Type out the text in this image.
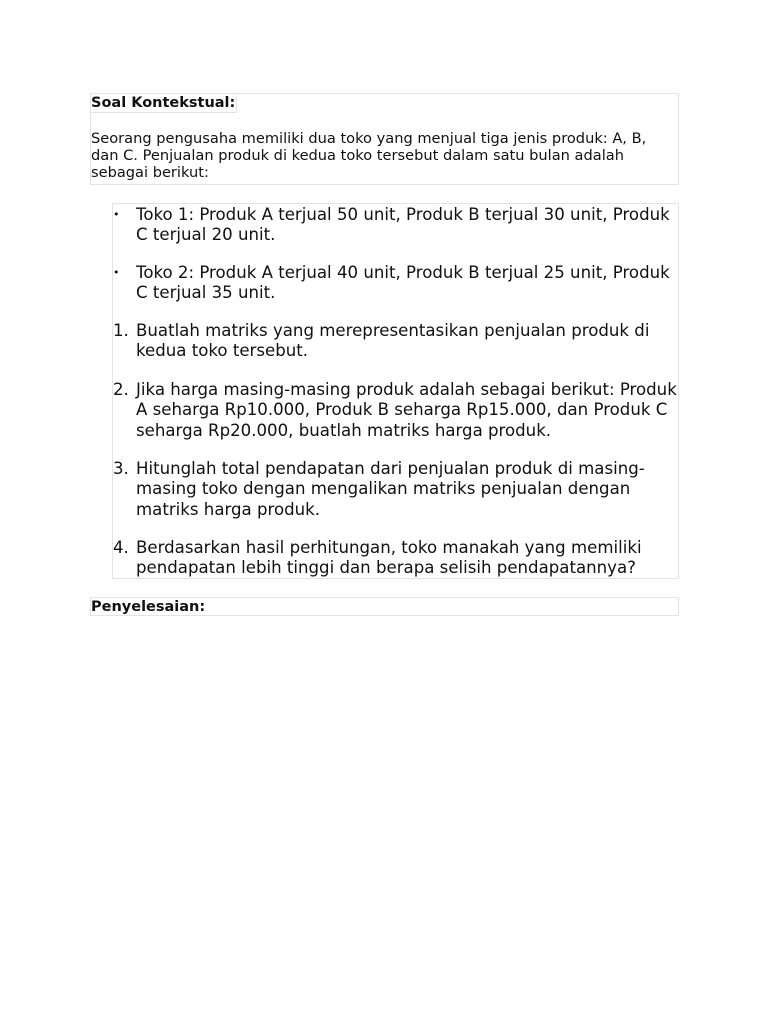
Soal Kontekstual:
Seorang pengusaha memiliki dua toko yang menjual tiga jenis produk: A, B, dan C. Penjualan produk di kedua toko tersebut dalam satu bulan adalah sebagai berikut:
• Toko 1: Produk A terjual 50 unit, Produk B terjual 30 unit, Produk C terjual 20 unit.
• Toko 2: Produk A terjual 40 unit, Produk B terjual 25 unit, Produk C terjual 35 unit.
1. Buatlah matriks yang merepresentasikan penjualan produk di kedua toko tersebut.
2. Jika harga masing-masing produk adalah sebagai berikut: Produk A seharga Rp10.000, Produk B seharga Rp15.000, dan Produk C seharga Rp20.000, buatlah matriks harga produk.
3. Hitunglah total pendapatan dari penjualan produk di masing-masing toko dengan mengalikan matriks penjualan dengan matriks harga produk.
4. Berdasarkan hasil perhitungan, toko manakah yang memiliki pendapatan lebih tinggi dan berapa selisih pendapatannya?
Penyelesaian:
